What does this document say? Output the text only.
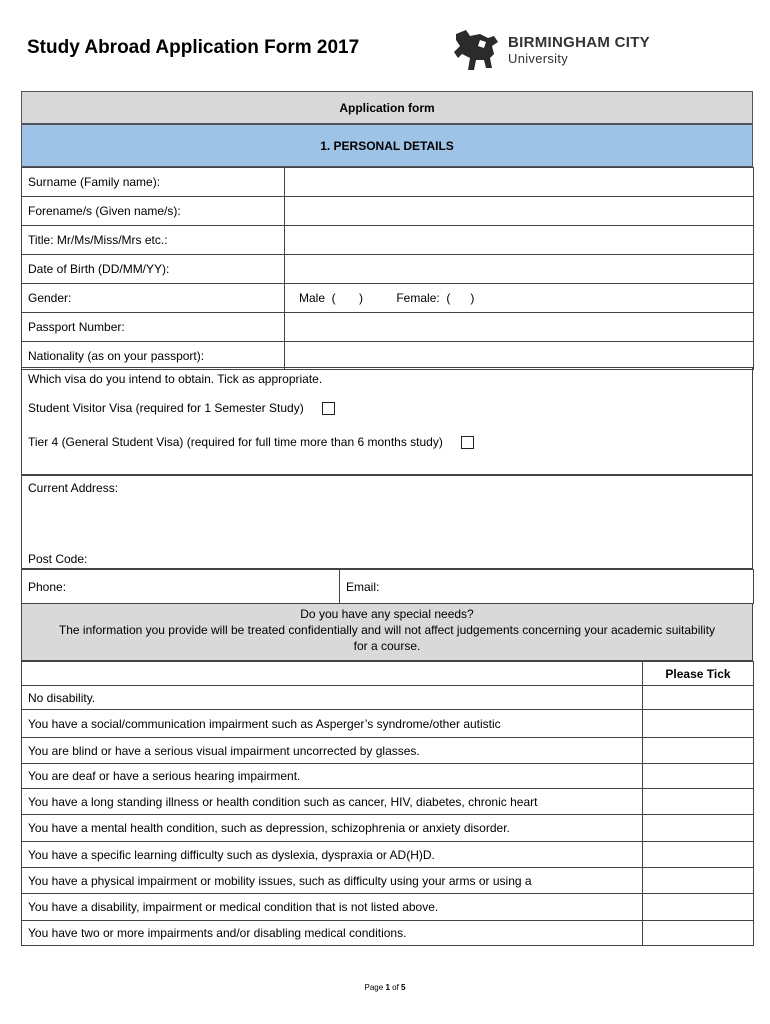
Study Abroad Application Form 2017	BIRMINGHAM CITY
University
Application form
1. PERSONAL DETAILS
Surname (Family name):	
Forename/s (Given name/s):	
Title: Mr/Ms/Miss/Mrs etc.:	
Date of Birth (DD/MM/YY):	
Gender:	Male  (       )          Female:  (      )
Passport Number:	
Nationality (as on your passport):	
Which visa do you intend to obtain. Tick as appropriate.
Student Visitor Visa (required for 1 Semester Study)
Tier 4 (General Student Visa) (required for full time more than 6 months study)
Current Address:
Post Code:
Phone:	Email:
Do you have any special needs?
The information you provide will be treated confidentially and will not affect judgements concerning your academic suitability for a course.
	Please Tick
No disability.	
You have a social/communication impairment such as Asperger’s syndrome/other autistic	
You are blind or have a serious visual impairment uncorrected by glasses.	
You are deaf or have a serious hearing impairment.	
You have a long standing illness or health condition such as cancer, HIV, diabetes, chronic heart	
You have a mental health condition, such as depression, schizophrenia or anxiety disorder.	
You have a specific learning difficulty such as dyslexia, dyspraxia or AD(H)D.	
You have a physical impairment or mobility issues, such as difficulty using your arms or using a	
You have a disability, impairment or medical condition that is not listed above.	
You have two or more impairments and/or disabling medical conditions.	
Page 1 of 5
